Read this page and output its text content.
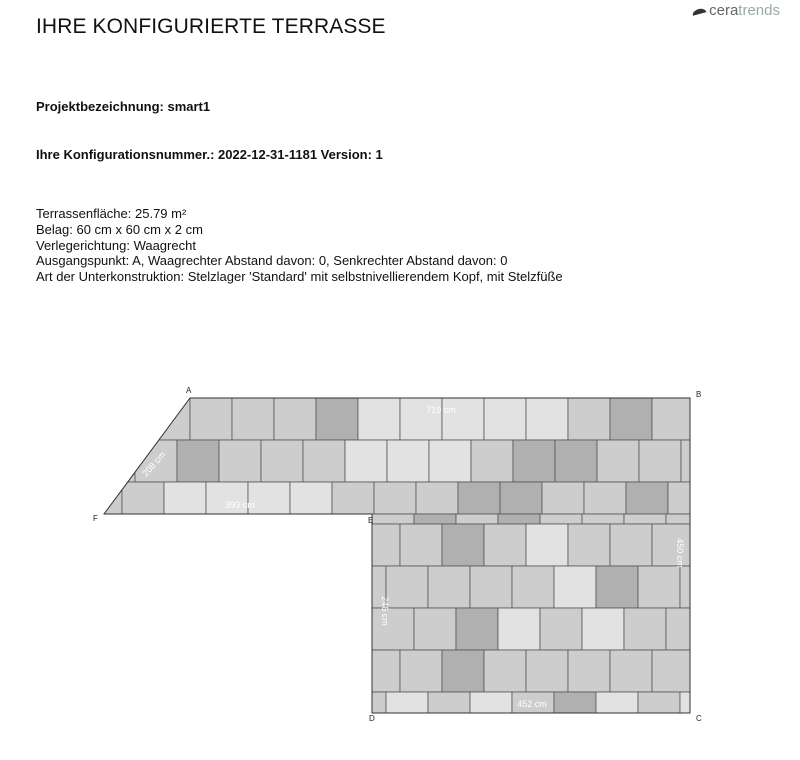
IHRE KONFIGURIERTE TERRASSE
cera trends
Projektbezeichnung: smart1
Ihre Konfigurationsnummer.: 2022-12-31-1181 Version: 1
Terrassenfläche: 25.79 m²
Belag: 60 cm x 60 cm x 2 cm
Verlegerichtung: Waagrecht
Ausgangspunkt: A, Waagrechter Abstand davon: 0, Senkrechter Abstand davon: 0
Art der Unterkonstruktion: Stelzlager 'Standard' mit selbstnivellierendem Kopf, mit Stelzfüße
A	B
C
D
E
F
719 cm
393 cm
452 cm
450 cm
246 cm
208 cm
